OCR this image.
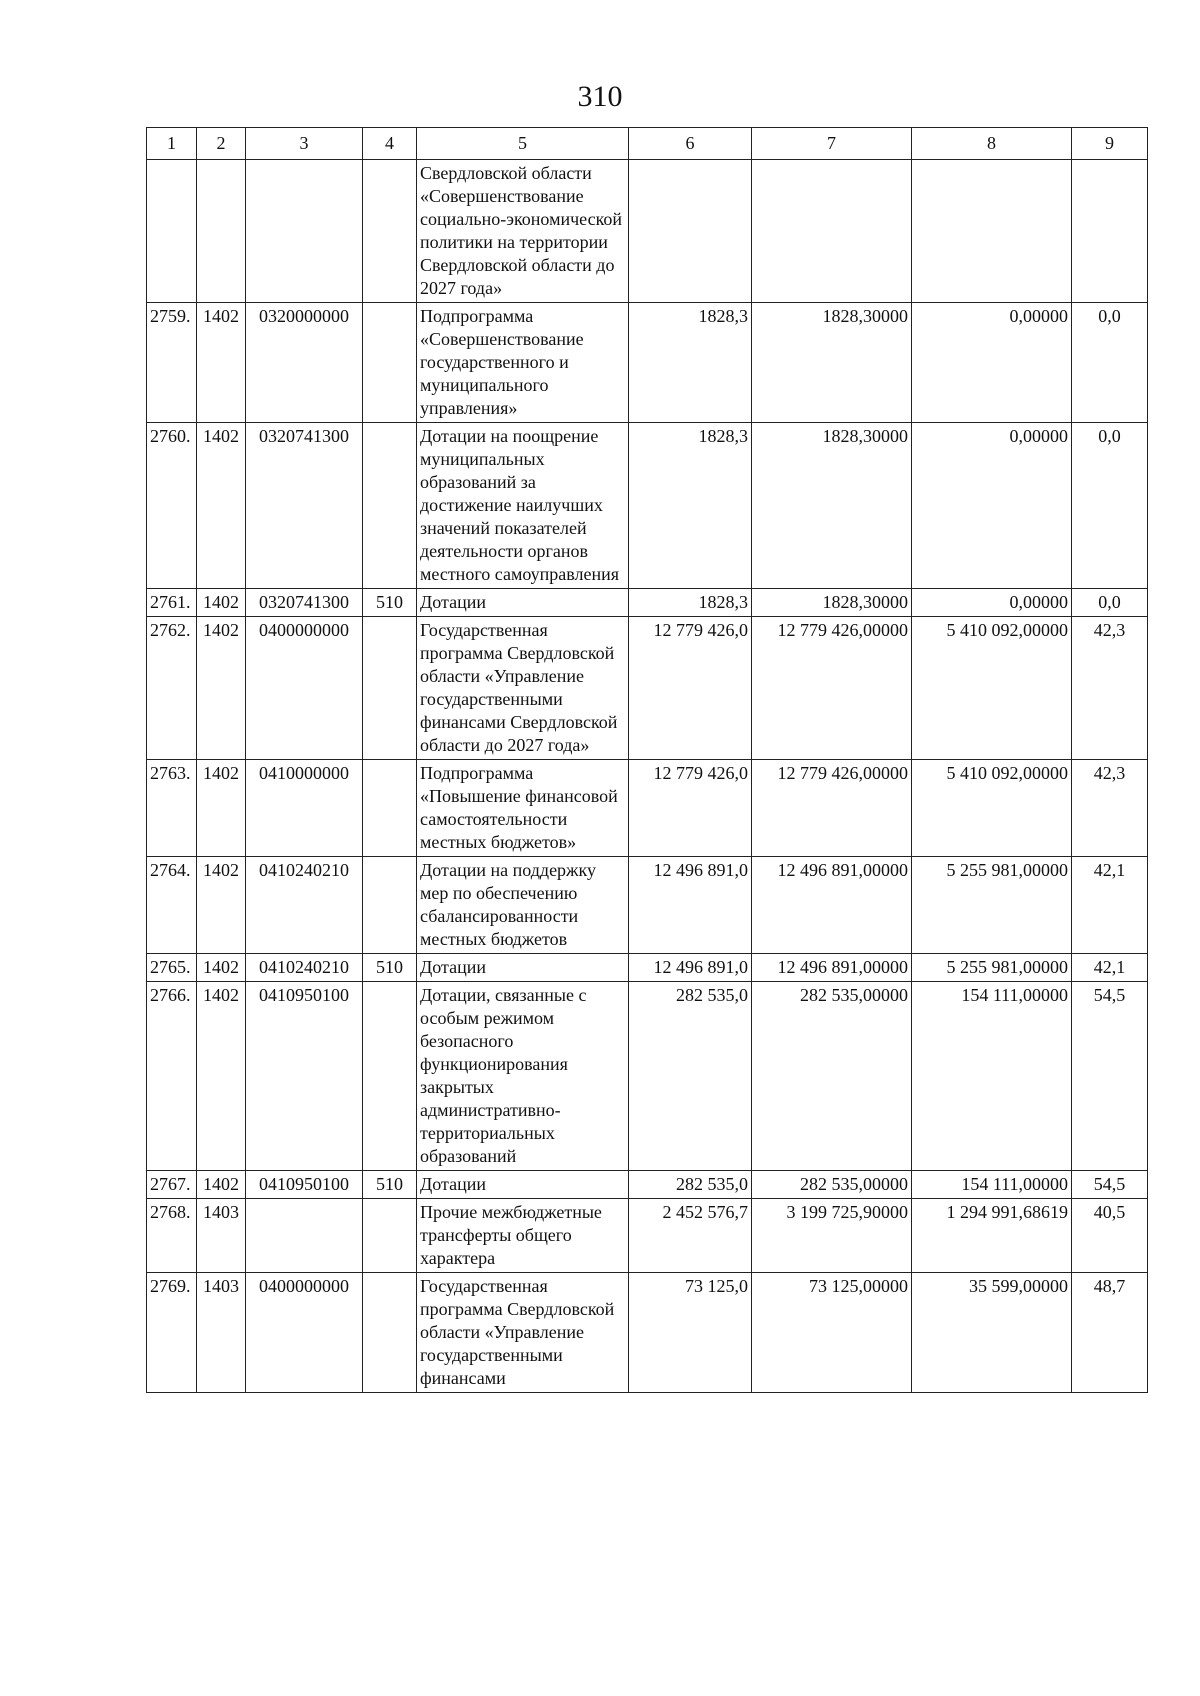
310
1	2	3	4	5	6	7	8	9
				Свердловской области «Совершенствование социально-экономической политики на территории Свердловской области до 2027 года»				
2759.	1402	0320000000		Подпрограмма «Совершенствование государственного и муниципального управления»	1828,3	1828,30000	0,00000	0,0
2760.	1402	0320741300		Дотации на поощрение муниципальных образований за достижение наилучших значений показателей деятельности органов местного самоуправления	1828,3	1828,30000	0,00000	0,0
2761.	1402	0320741300	510	Дотации	1828,3	1828,30000	0,00000	0,0
2762.	1402	0400000000		Государственная программа Свердловской области «Управление государственными финансами Свердловской области до 2027 года»	12 779 426,0	12 779 426,00000	5 410 092,00000	42,3
2763.	1402	0410000000		Подпрограмма «Повышение финансовой самостоятельности местных бюджетов»	12 779 426,0	12 779 426,00000	5 410 092,00000	42,3
2764.	1402	0410240210		Дотации на поддержку мер по обеспечению сбалансированности местных бюджетов	12 496 891,0	12 496 891,00000	5 255 981,00000	42,1
2765.	1402	0410240210	510	Дотации	12 496 891,0	12 496 891,00000	5 255 981,00000	42,1
2766.	1402	0410950100		Дотации, связанные с особым режимом безопасного функционирования закрытых административно-территориальных образований	282 535,0	282 535,00000	154 111,00000	54,5
2767.	1402	0410950100	510	Дотации	282 535,0	282 535,00000	154 111,00000	54,5
2768.	1403			Прочие межбюджетные трансферты общего характера	2 452 576,7	3 199 725,90000	1 294 991,68619	40,5
2769.	1403	0400000000		Государственная программа Свердловской области «Управление государственными финансами	73 125,0	73 125,00000	35 599,00000	48,7
